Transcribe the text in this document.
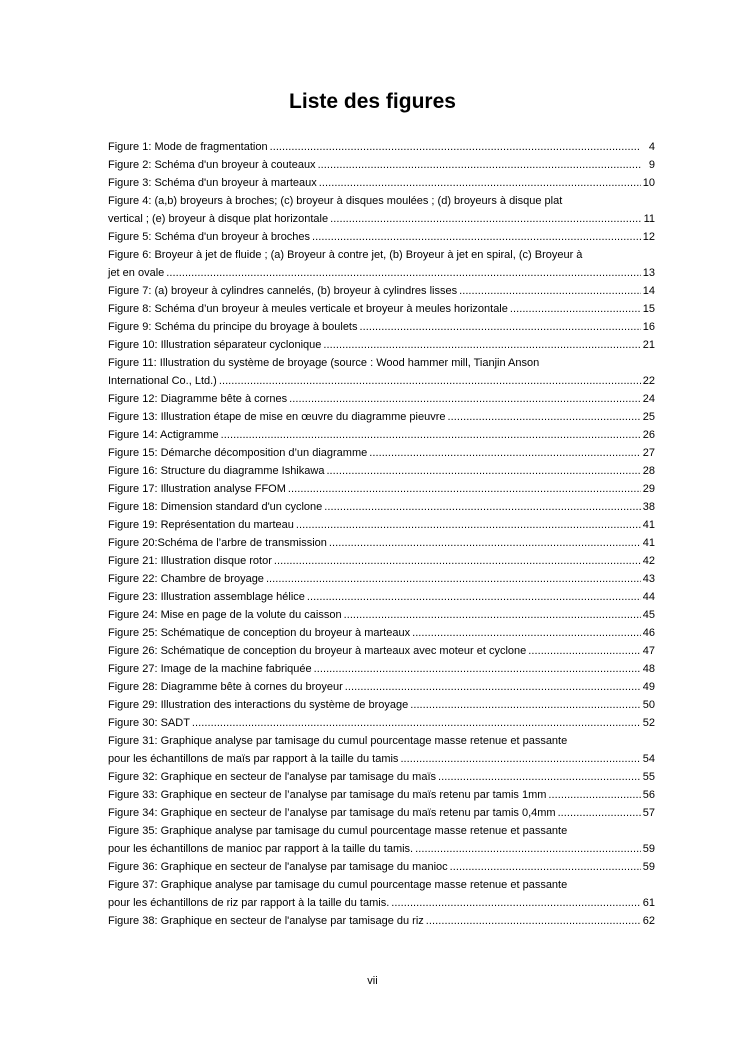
Liste des figures
Figure 1: Mode de fragmentation . . .	4
Figure 2: Schéma d'un broyeur à couteaux . . .	9
Figure 3: Schéma d'un broyeur à marteaux . . .	10
Figure 4: (a,b) broyeurs à broches; (c) broyeur à disques moulées ; (d) broyeurs à disque plat
vertical ; (e) broyeur à disque plat horizontale . . .	11
Figure 5: Schéma d'un broyeur à broches . . .	12
Figure 6: Broyeur à jet de fluide ; (a) Broyeur à contre jet, (b) Broyeur à jet en spiral, (c) Broyeur à
jet en ovale . . .	13
Figure 7: (a) broyeur à cylindres cannelés, (b) broyeur à cylindres lisses . . .	14
Figure 8: Schéma d’un broyeur à meules verticale et broyeur à meules horizontale . . .	15
Figure 9: Schéma du principe du broyage à boulets . . .	16
Figure 10: Illustration séparateur cyclonique . . .	21
Figure 11: Illustration du système de broyage (source : Wood hammer mill, Tianjin Anson
International Co., Ltd.) . . .	22
Figure 12: Diagramme bête à cornes . . .	24
Figure 13: Illustration étape de mise en œuvre du diagramme pieuvre . . .	25
Figure 14: Actigramme . . .	26
Figure 15: Démarche décomposition d’un diagramme . . .	27
Figure 16: Structure du diagramme Ishikawa . . .	28
Figure 17: Illustration analyse FFOM . . .	29
Figure 18: Dimension standard d'un cyclone . . .	38
Figure 19: Représentation du marteau . . .	41
Figure 20:Schéma de l’arbre de transmission . . .	41
Figure 21: Illustration disque rotor . . .	42
Figure 22: Chambre de broyage . . .	43
Figure 23: Illustration assemblage hélice . . .	44
Figure 24: Mise en page de la volute du caisson . . .	45
Figure 25: Schématique de conception du broyeur à marteaux . . .	46
Figure 26: Schématique de conception du broyeur à marteaux avec moteur et cyclone . . .	47
Figure 27: Image de la machine fabriquée . . .	48
Figure 28: Diagramme bête à cornes du broyeur . . .	49
Figure 29: Illustration des interactions du système de broyage . . .	50
Figure 30: SADT . . .	52
Figure 31: Graphique analyse par tamisage du cumul pourcentage masse retenue et passante
pour les échantillons de maïs par rapport à la taille du tamis . . .	54
Figure 32: Graphique en secteur de l'analyse par tamisage du maïs . . .	55
Figure 33: Graphique en secteur de l’analyse par tamisage du maïs retenu par tamis 1mm . . .	56
Figure 34: Graphique en secteur de l’analyse par tamisage du maïs retenu par tamis 0,4mm . . .	57
Figure 35: Graphique analyse par tamisage du cumul pourcentage masse retenue et passante
pour les échantillons de manioc par rapport à la taille du tamis. . . .	59
Figure 36: Graphique en secteur de l'analyse par tamisage du manioc . . .	59
Figure 37: Graphique analyse par tamisage du cumul pourcentage masse retenue et passante
pour les échantillons de riz par rapport à la taille du tamis. . . .	61
Figure 38: Graphique en secteur de l'analyse par tamisage du riz . . .	62
vii
